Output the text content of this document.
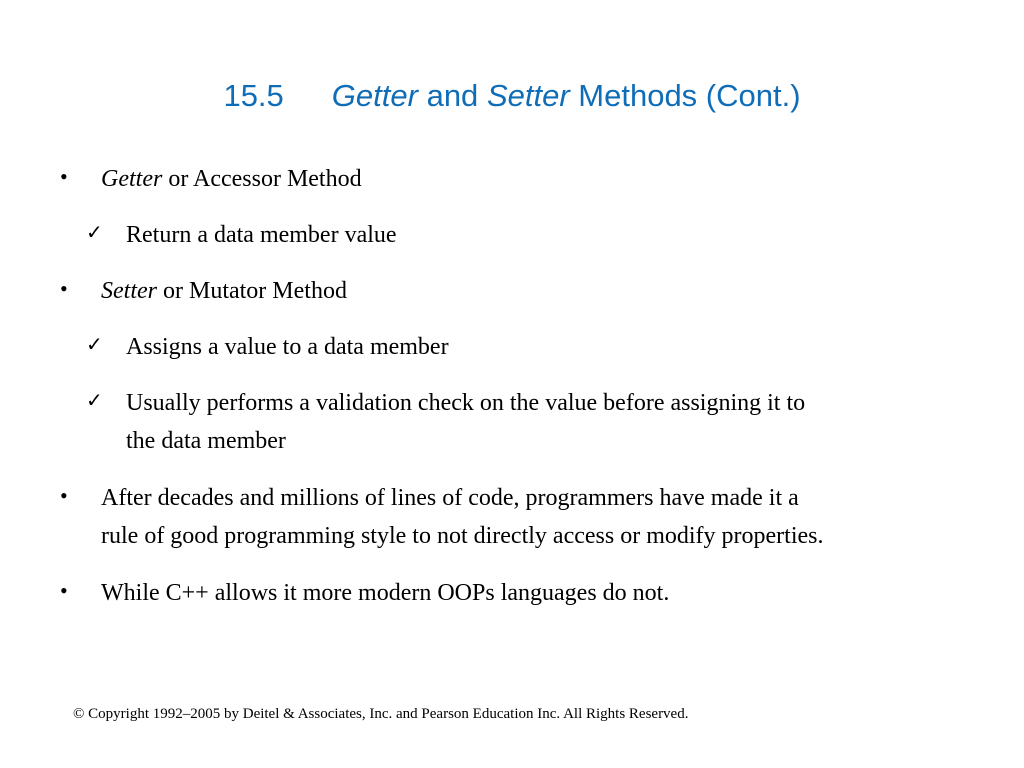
15.5 Getter and Setter Methods (Cont.)
• Getter or Accessor Method
✓ Return a data member value
• Setter or Mutator Method
✓ Assigns a value to a data member
✓ Usually performs a validation check on the value before assigning it to
the data member
• After decades and millions of lines of code, programmers have made it a
rule of good programming style to not directly access or modify properties.
• While C++ allows it more modern OOPs languages do not.
© Copyright 1992–2005 by Deitel & Associates, Inc. and Pearson Education Inc. All Rights Reserved.
